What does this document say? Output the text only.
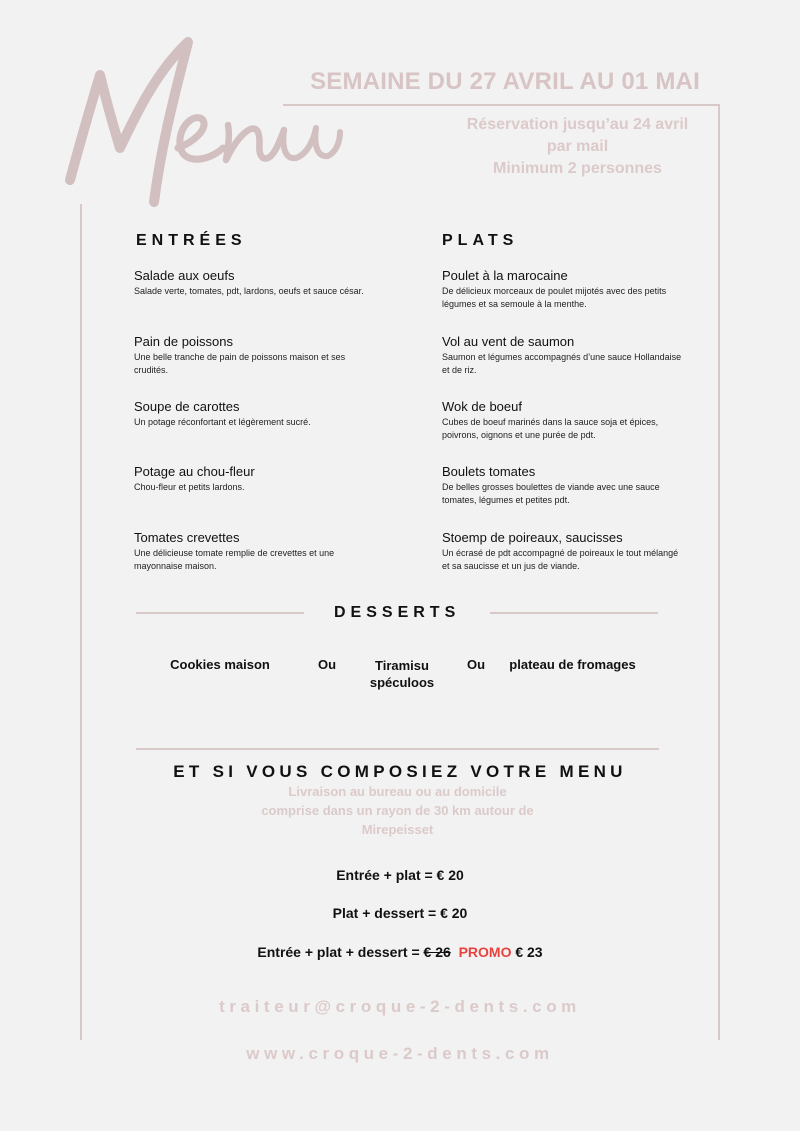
SEMAINE DU 27 AVRIL AU 01 MAI
Réservation jusqu’au 24 avril
par mail
Minimum 2 personnes
ENTRÉES	PLATS
Salade aux oeufs
Salade verte, tomates, pdt, lardons, oeufs et sauce césar.
Pain de poissons
Une belle tranche de pain de poissons maison et ses crudités.
Soupe de carottes
Un potage réconfortant et légèrement sucré.
Potage au chou-fleur
Chou-fleur et petits lardons.
Tomates crevettes
Une délicieuse tomate remplie de crevettes et une mayonnaise maison.
Poulet à la marocaine
De délicieux morceaux de poulet mijotés avec des petits légumes et sa semoule à la menthe.
Vol au vent de saumon
Saumon et légumes accompagnés d’une sauce Hollandaise et de riz.
Wok de boeuf
Cubes de boeuf marinés dans la sauce soja et épices, poivrons, oignons et une purée de pdt.
Boulets tomates
De belles grosses boulettes de viande avec une sauce tomates, légumes et petites pdt.
Stoemp de poireaux, saucisses
Un écrasé de pdt accompagné de poireaux le tout mélangé et sa saucisse et un jus de viande.
DESSERTS
Cookies maison	Ou	Tiramisu
spéculoos
Ou	plateau de fromages
ET SI VOUS COMPOSIEZ VOTRE MENU
Livraison au bureau ou au domicile
comprise dans un rayon de 30 km autour de
Mirepeisset
Entrée + plat = € 20
Plat + dessert = € 20
Entrée + plat + dessert = € 26 PROMO € 23
traiteur@croque-2-dents.com
www.croque-2-dents.com
